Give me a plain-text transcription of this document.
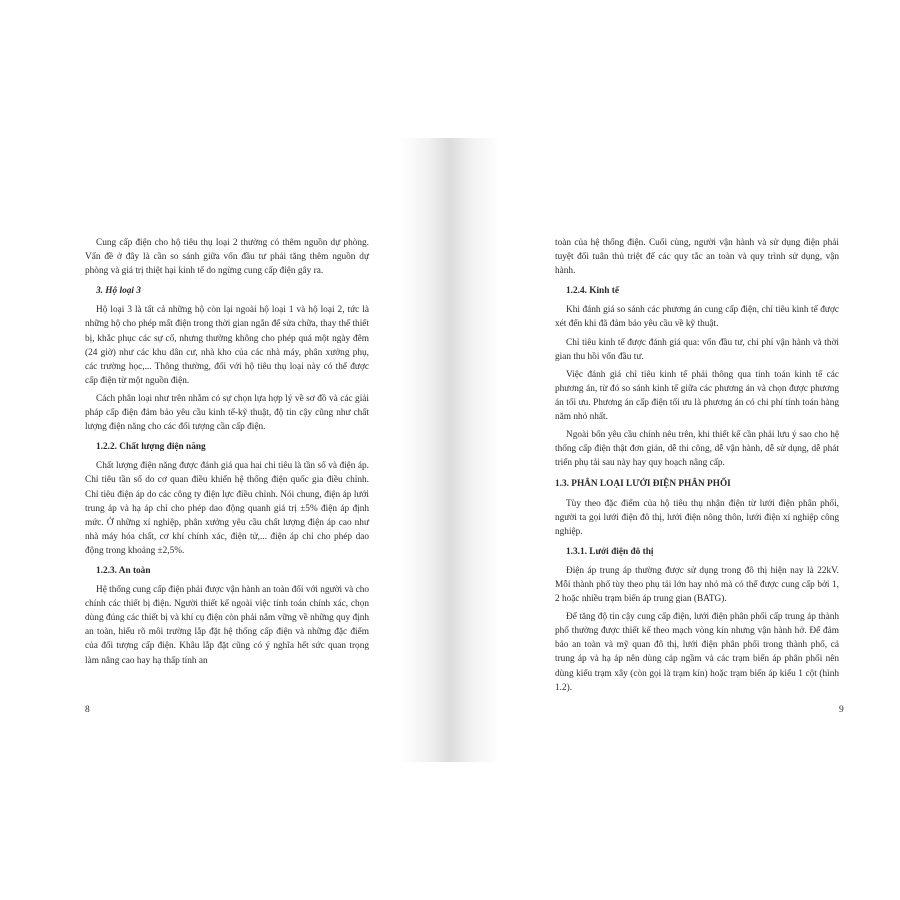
Cung cấp điện cho hộ tiêu thụ loại 2 thường có thêm nguồn dự phòng. Vấn đề ở đây là cần so sánh giữa vốn đầu tư phải tăng thêm nguồn dự phòng và giá trị thiệt hại kinh tế do ngừng cung cấp điện gây ra.

3. Hộ loại 3

Hộ loại 3 là tất cả những hộ còn lại ngoài hộ loại 1 và hộ loại 2, tức là những hộ cho phép mất điện trong thời gian ngắn để sửa chữa, thay thế thiết bị, khắc phục các sự cố, nhưng thường không cho phép quá một ngày đêm (24 giờ) như các khu dân cư, nhà kho của các nhà máy, phân xưởng phụ, các trường học,... Thông thường, đối với hộ tiêu thụ loại này có thể được cấp điện từ một nguồn điện.

Cách phân loại như trên nhằm có sự chọn lựa hợp lý về sơ đồ và các giải pháp cấp điện đảm bảo yêu cầu kinh tế-kỹ thuật, độ tin cậy cũng như chất lượng điện năng cho các đối tượng cần cấp điện.

1.2.2. Chất lượng điện năng

Chất lượng điện năng được đánh giá qua hai chỉ tiêu là tần số và điện áp. Chỉ tiêu tần số do cơ quan điều khiển hệ thống điện quốc gia điều chỉnh. Chỉ tiêu điện áp do các công ty điện lực điều chỉnh. Nói chung, điện áp lưới trung áp và hạ áp chỉ cho phép dao động quanh giá trị ±5% điện áp định mức. Ở những xí nghiệp, phân xưởng yêu cầu chất lượng điện áp cao như nhà máy hóa chất, cơ khí chính xác, điện tử,... điện áp chỉ cho phép dao động trong khoảng ±2,5%.

1.2.3. An toàn

Hệ thống cung cấp điện phải được vận hành an toàn đối với người và cho chính các thiết bị điện. Người thiết kế ngoài việc tính toán chính xác, chọn dùng đúng các thiết bị và khí cụ điện còn phải nắm vững về những quy định an toàn, hiểu rõ môi trường lắp đặt hệ thống cấp điện và những đặc điểm của đối tượng cấp điện. Khâu lắp đặt cũng có ý nghĩa hết sức quan trọng làm nâng cao hay hạ thấp tính an

8

toàn của hệ thống điện. Cuối cùng, người vận hành và sử dụng điện phải tuyệt đối tuân thủ triệt để các quy tắc an toàn và quy trình sử dụng, vận hành.

1.2.4. Kinh tế

Khi đánh giá so sánh các phương án cung cấp điện, chỉ tiêu kinh tế được xét đến khi đã đảm bảo yêu cầu về kỹ thuật.

Chỉ tiêu kinh tế được đánh giá qua: vốn đầu tư, chi phí vận hành và thời gian thu hồi vốn đầu tư.

Việc đánh giá chỉ tiêu kinh tế phải thông qua tính toán kinh tế các phương án, từ đó so sánh kinh tế giữa các phương án và chọn được phương án tối ưu. Phương án cấp điện tối ưu là phương án có chi phí tính toán hàng năm nhỏ nhất.

Ngoài bốn yêu cầu chính nêu trên, khi thiết kế cần phải lưu ý sao cho hệ thống cấp điện thật đơn giản, dễ thi công, dễ vận hành, dễ sử dụng, dễ phát triển phụ tải sau này hay quy hoạch nâng cấp.

1.3. PHÂN LOẠI LƯỚI ĐIỆN PHÂN PHỐI

Tùy theo đặc điểm của hộ tiêu thụ nhận điện từ lưới điện phân phối, người ta gọi lưới điện đô thị, lưới điện nông thôn, lưới điện xí nghiệp công nghiệp.

1.3.1. Lưới điện đô thị

Điện áp trung áp thường được sử dụng trong đô thị hiện nay là 22kV. Mỗi thành phố tùy theo phụ tải lớn hay nhỏ mà có thể được cung cấp bởi 1, 2 hoặc nhiều trạm biến áp trung gian (BATG).

Để tăng độ tin cậy cung cấp điện, lưới điện phân phối cấp trung áp thành phố thường được thiết kế theo mạch vòng kín nhưng vận hành hở. Để đảm bảo an toàn và mỹ quan đô thị, lưới điện phân phối trong thành phố, cả trung áp và hạ áp nên dùng cáp ngầm và các trạm biến áp phân phối nên dùng kiểu trạm xây (còn gọi là trạm kín) hoặc trạm biến áp kiểu 1 cột (hình 1.2).

9
